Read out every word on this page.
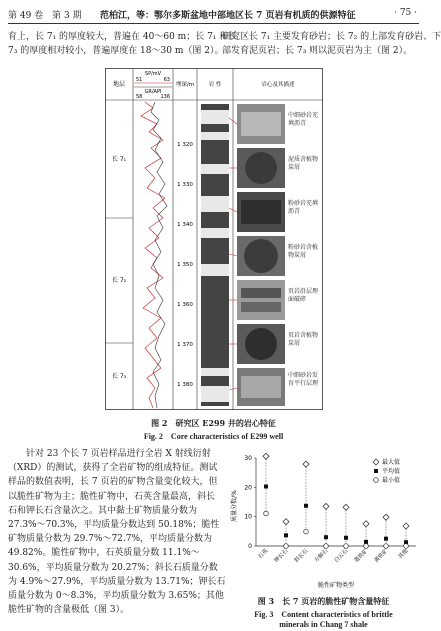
第 49 卷　第 3 期 范柏江，等：鄂尔多斯盆地中部地区长 7 页岩有机质的供源特征	· 75 ·
育上，长 7₁ 的厚度较大，普遍在 40～60 m；长 7₁ 和长
7₃ 的厚度相对较小，普遍厚度在 18～30 m（图 2）。
研究区长 7₁ 主要发育砂岩；长 7₂ 的上部发育砂岩、下
部发育泥页岩；长 7₃ 则以泥页岩为主（图 2）。
地层
SP/mV
51	63
GR/API
58	136
埋深/m	岩 性	岩心及其描述
长 7₁
长 7₂
长 7₃
1 320
1 330
1 340
1 350
1 360
1 370
1 380
中细砂岩充填沥青
泥质含植物炭屑
粉砂岩充填沥青
粉砂岩含植物炭屑
页岩沿层理面破碎
页岩含植物炭屑
中细砂岩发育平行层理
图 2　研究区 E299 井的岩心特征
Fig. 2　Core characteristics of E299 well
　　针对 23 个长 7 页岩样品进行全岩 X 射线衍射
（XRD）的测试，获得了全岩矿物的组成特征。测试
样品的数值表明，长 7 页岩的矿物含量变化较大，但
以脆性矿物为主；脆性矿物中，石英含量最高，斜长
石和钾长石含量次之。其中黏土矿物质量分数为
27.3%～70.3%，平均质量分数达到 50.18%；脆性
矿物质量分数为 29.7%～72.7%，平均质量分数为
49.82%。脆性矿物中，石英质量分数 11.1%～
30.6%，平均质量分数为 20.27%；斜长石质量分数
为 4.9%～27.9%，平均质量分数为 13.71%；钾长石
质量分数为 0～8.3%，平均质量分数为 3.65%；其他
脆性矿物的含量极低（图 3）。
质量分数/%
脆性矿物类型
0
10
20
30
石英 钾长石 斜长石 方解石 白云石 菱铁矿 黄铁矿 其他
最大值
平均值
最小值
图 3　长 7 页岩的脆性矿物含量特征
Fig. 3　Content characteristics of brittle
minerals in Chang 7 shale
